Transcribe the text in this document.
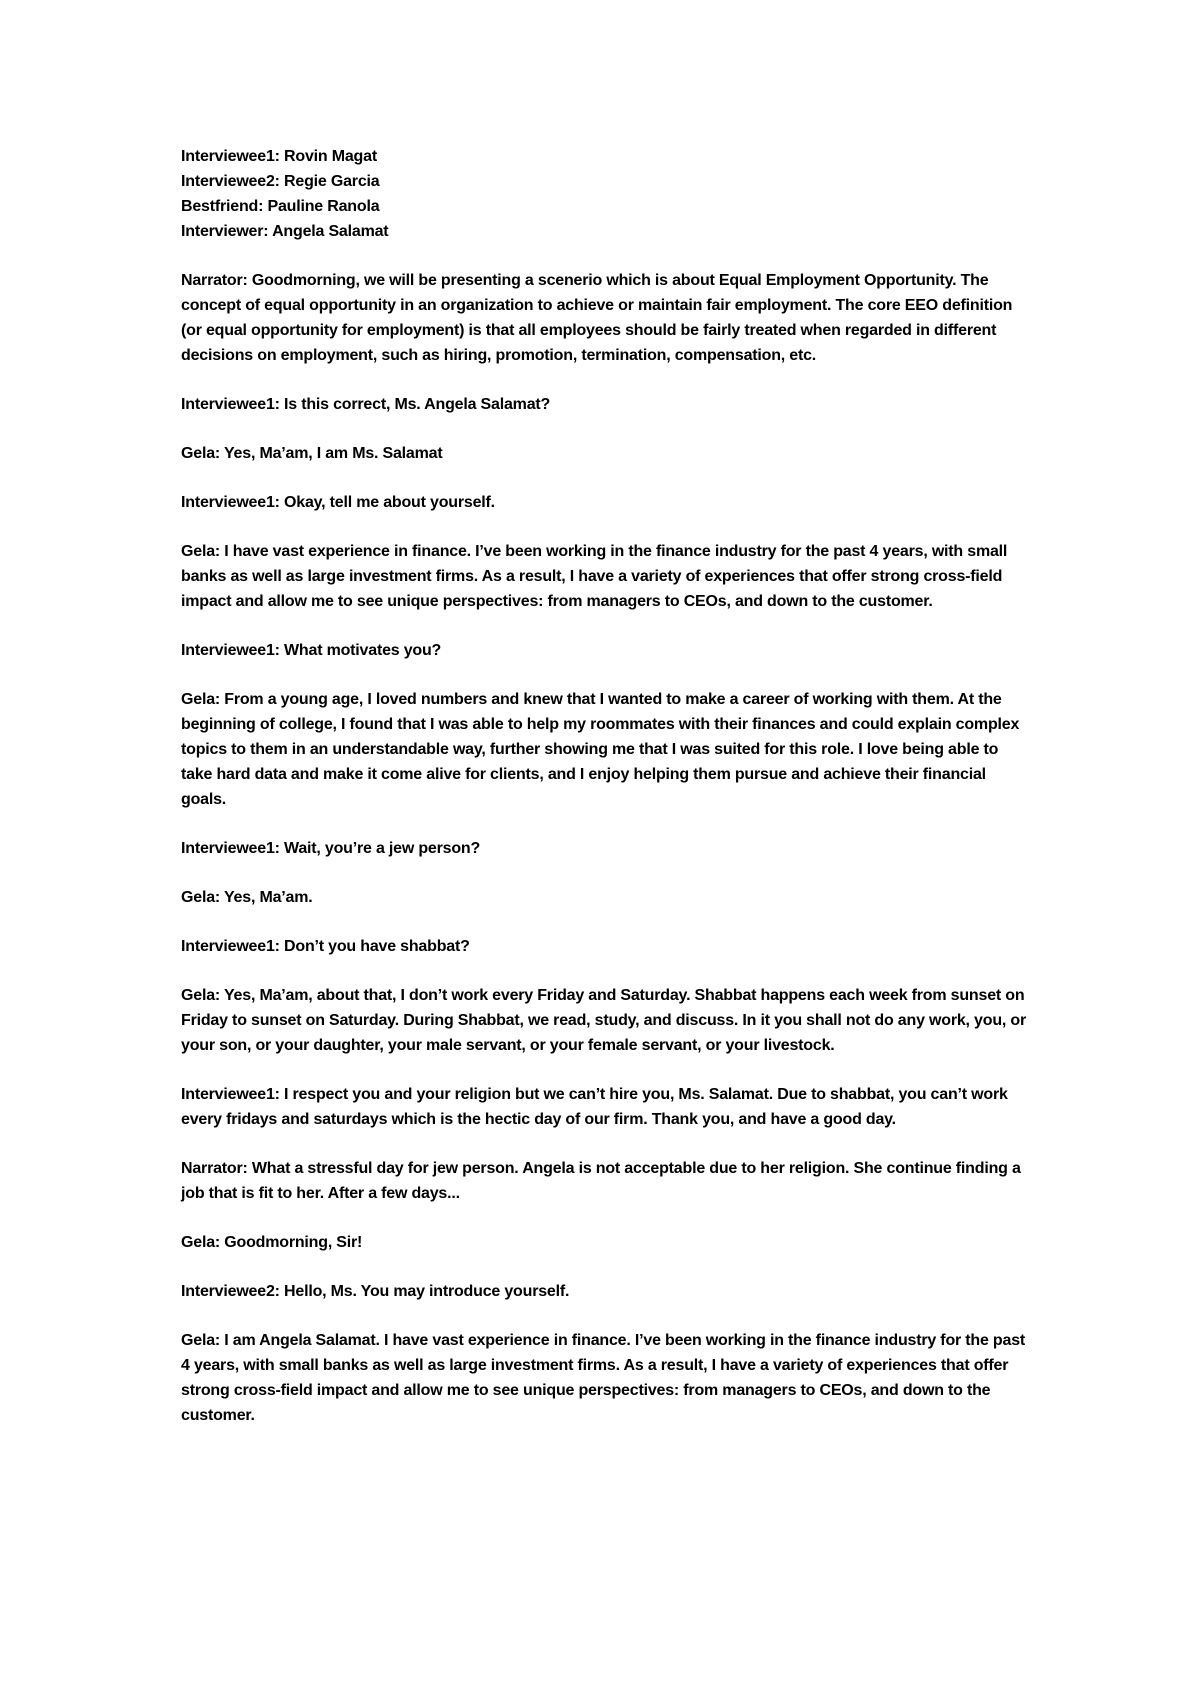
Interviewee1: Rovin Magat

Interviewee2: Regie Garcia

Bestfriend: Pauline Ranola

Interviewer: Angela Salamat

Narrator: Goodmorning, we will be presenting a scenerio which is about Equal Employment Opportunity. The concept of equal opportunity in an organization to achieve or maintain fair employment. The core EEO definition (or equal opportunity for employment) is that all employees should be fairly treated when regarded in different decisions on employment, such as hiring, promotion, termination, compensation, etc.

Interviewee1: Is this correct, Ms. Angela Salamat?

Gela: Yes, Ma’am, I am Ms. Salamat

Interviewee1: Okay, tell me about yourself.

Gela: I have vast experience in finance. I’ve been working in the finance industry for the past 4 years, with small banks as well as large investment firms. As a result, I have a variety of experiences that offer strong cross-field impact and allow me to see unique perspectives: from managers to CEOs, and down to the customer.

Interviewee1: What motivates you?

Gela: From a young age, I loved numbers and knew that I wanted to make a career of working with them. At the beginning of college, I found that I was able to help my roommates with their finances and could explain complex topics to them in an understandable way, further showing me that I was suited for this role. I love being able to take hard data and make it come alive for clients, and I enjoy helping them pursue and achieve their financial goals.

Interviewee1: Wait, you’re a jew person?

Gela: Yes, Ma’am.

Interviewee1: Don’t you have shabbat?

Gela: Yes, Ma’am, about that, I don’t work every Friday and Saturday. Shabbat happens each week from sunset on Friday to sunset on Saturday. During Shabbat, we read, study, and discuss. In it you shall not do any work, you, or your son, or your daughter, your male servant, or your female servant, or your livestock.

Interviewee1: I respect you and your religion but we can’t hire you, Ms. Salamat. Due to shabbat, you can’t work every fridays and saturdays which is the hectic day of our firm. Thank you, and have a good day.

Narrator: What a stressful day for jew person. Angela is not acceptable due to her religion. She continue finding a job that is fit to her. After a few days...

Gela: Goodmorning, Sir!

Interviewee2: Hello, Ms. You may introduce yourself.

Gela: I am Angela Salamat. I have vast experience in finance. I’ve been working in the finance industry for the past 4 years, with small banks as well as large investment firms. As a result, I have a variety of experiences that offer strong cross-field impact and allow me to see unique perspectives: from managers to CEOs, and down to the customer.
